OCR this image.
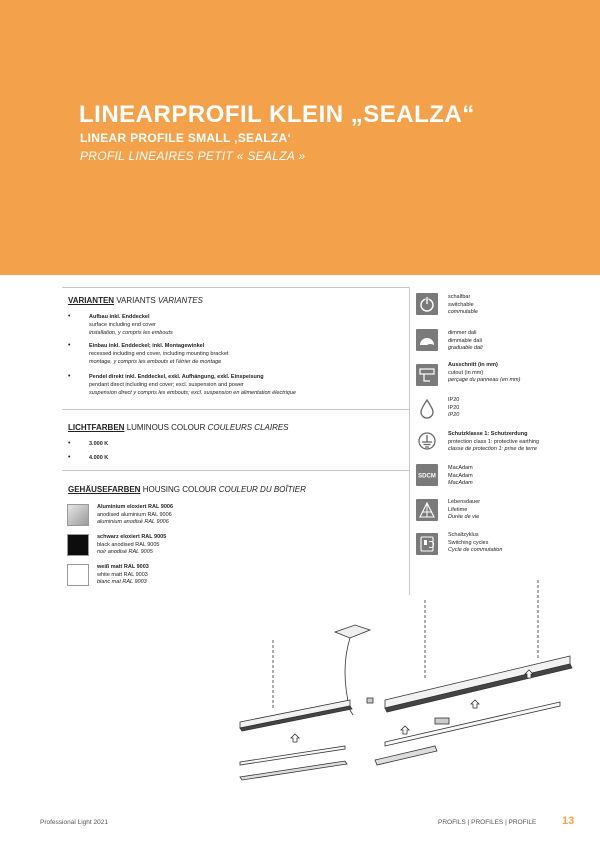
LINEARPROFIL KLEIN „SEALZA“
LINEAR PROFILE SMALL ‚SEALZA‘
PROFIL LINEAIRES PETIT « SEALZA »
VARIANTEN VARIANTS VARIANTES
•	Aufbau inkl. Enddeckel
surface including end cover
installation, y compris les embouts
•	Einbau inkl. Enddeckel; inkl. Montagewinkel
recessed including end cover, including mounting bracket
montage, y compris les embouts et l'étrier de montage
•	Pendel direkt inkl. Enddeckel, exkl. Aufhängung, exkl. Einspeisung
pendant direct including end cover; excl. suspension and power
suspension direct y compris les embouts; excl. suspension en alimentation électrique
LICHTFARBEN LUMINOUS COLOUR COULEURS CLAIRES
•	3.000 K
•	4.000 K
GEHÄUSEFARBEN HOUSING COLOUR COULEUR DU BOÎTIER
Aluminium eloxiert RAL 9006
anodised aluminium RAL 9006
aluminium anodisé RAL 9006
schwarz eloxiert RAL 9005
black anodised RAL 9005
noir anodisé RAL 9005
weiß matt RAL 9003
white matt RAL 9003
blanc mat RAL 9003
schaltbar
switchable
commutable
dimmer dali
dimmable dali
graduable dali
Ausschnitt (in mm)
cutout (in mm)
perçage du panneau (en mm)
IP20
IP20
IP20
Schutzklasse 1: Schutzerdung
protection class 1: protective earthing
classe de protection 1: prise de terre
SDCM
MacAdam
MacAdam
MacAdam
Lebensdauer
Lifetime
Durée de vie
Schaltzyklus
Switching cycles
Cycle de commutation
Professional Light 2021	PROFILS | PROFILES | PROFILE 13
